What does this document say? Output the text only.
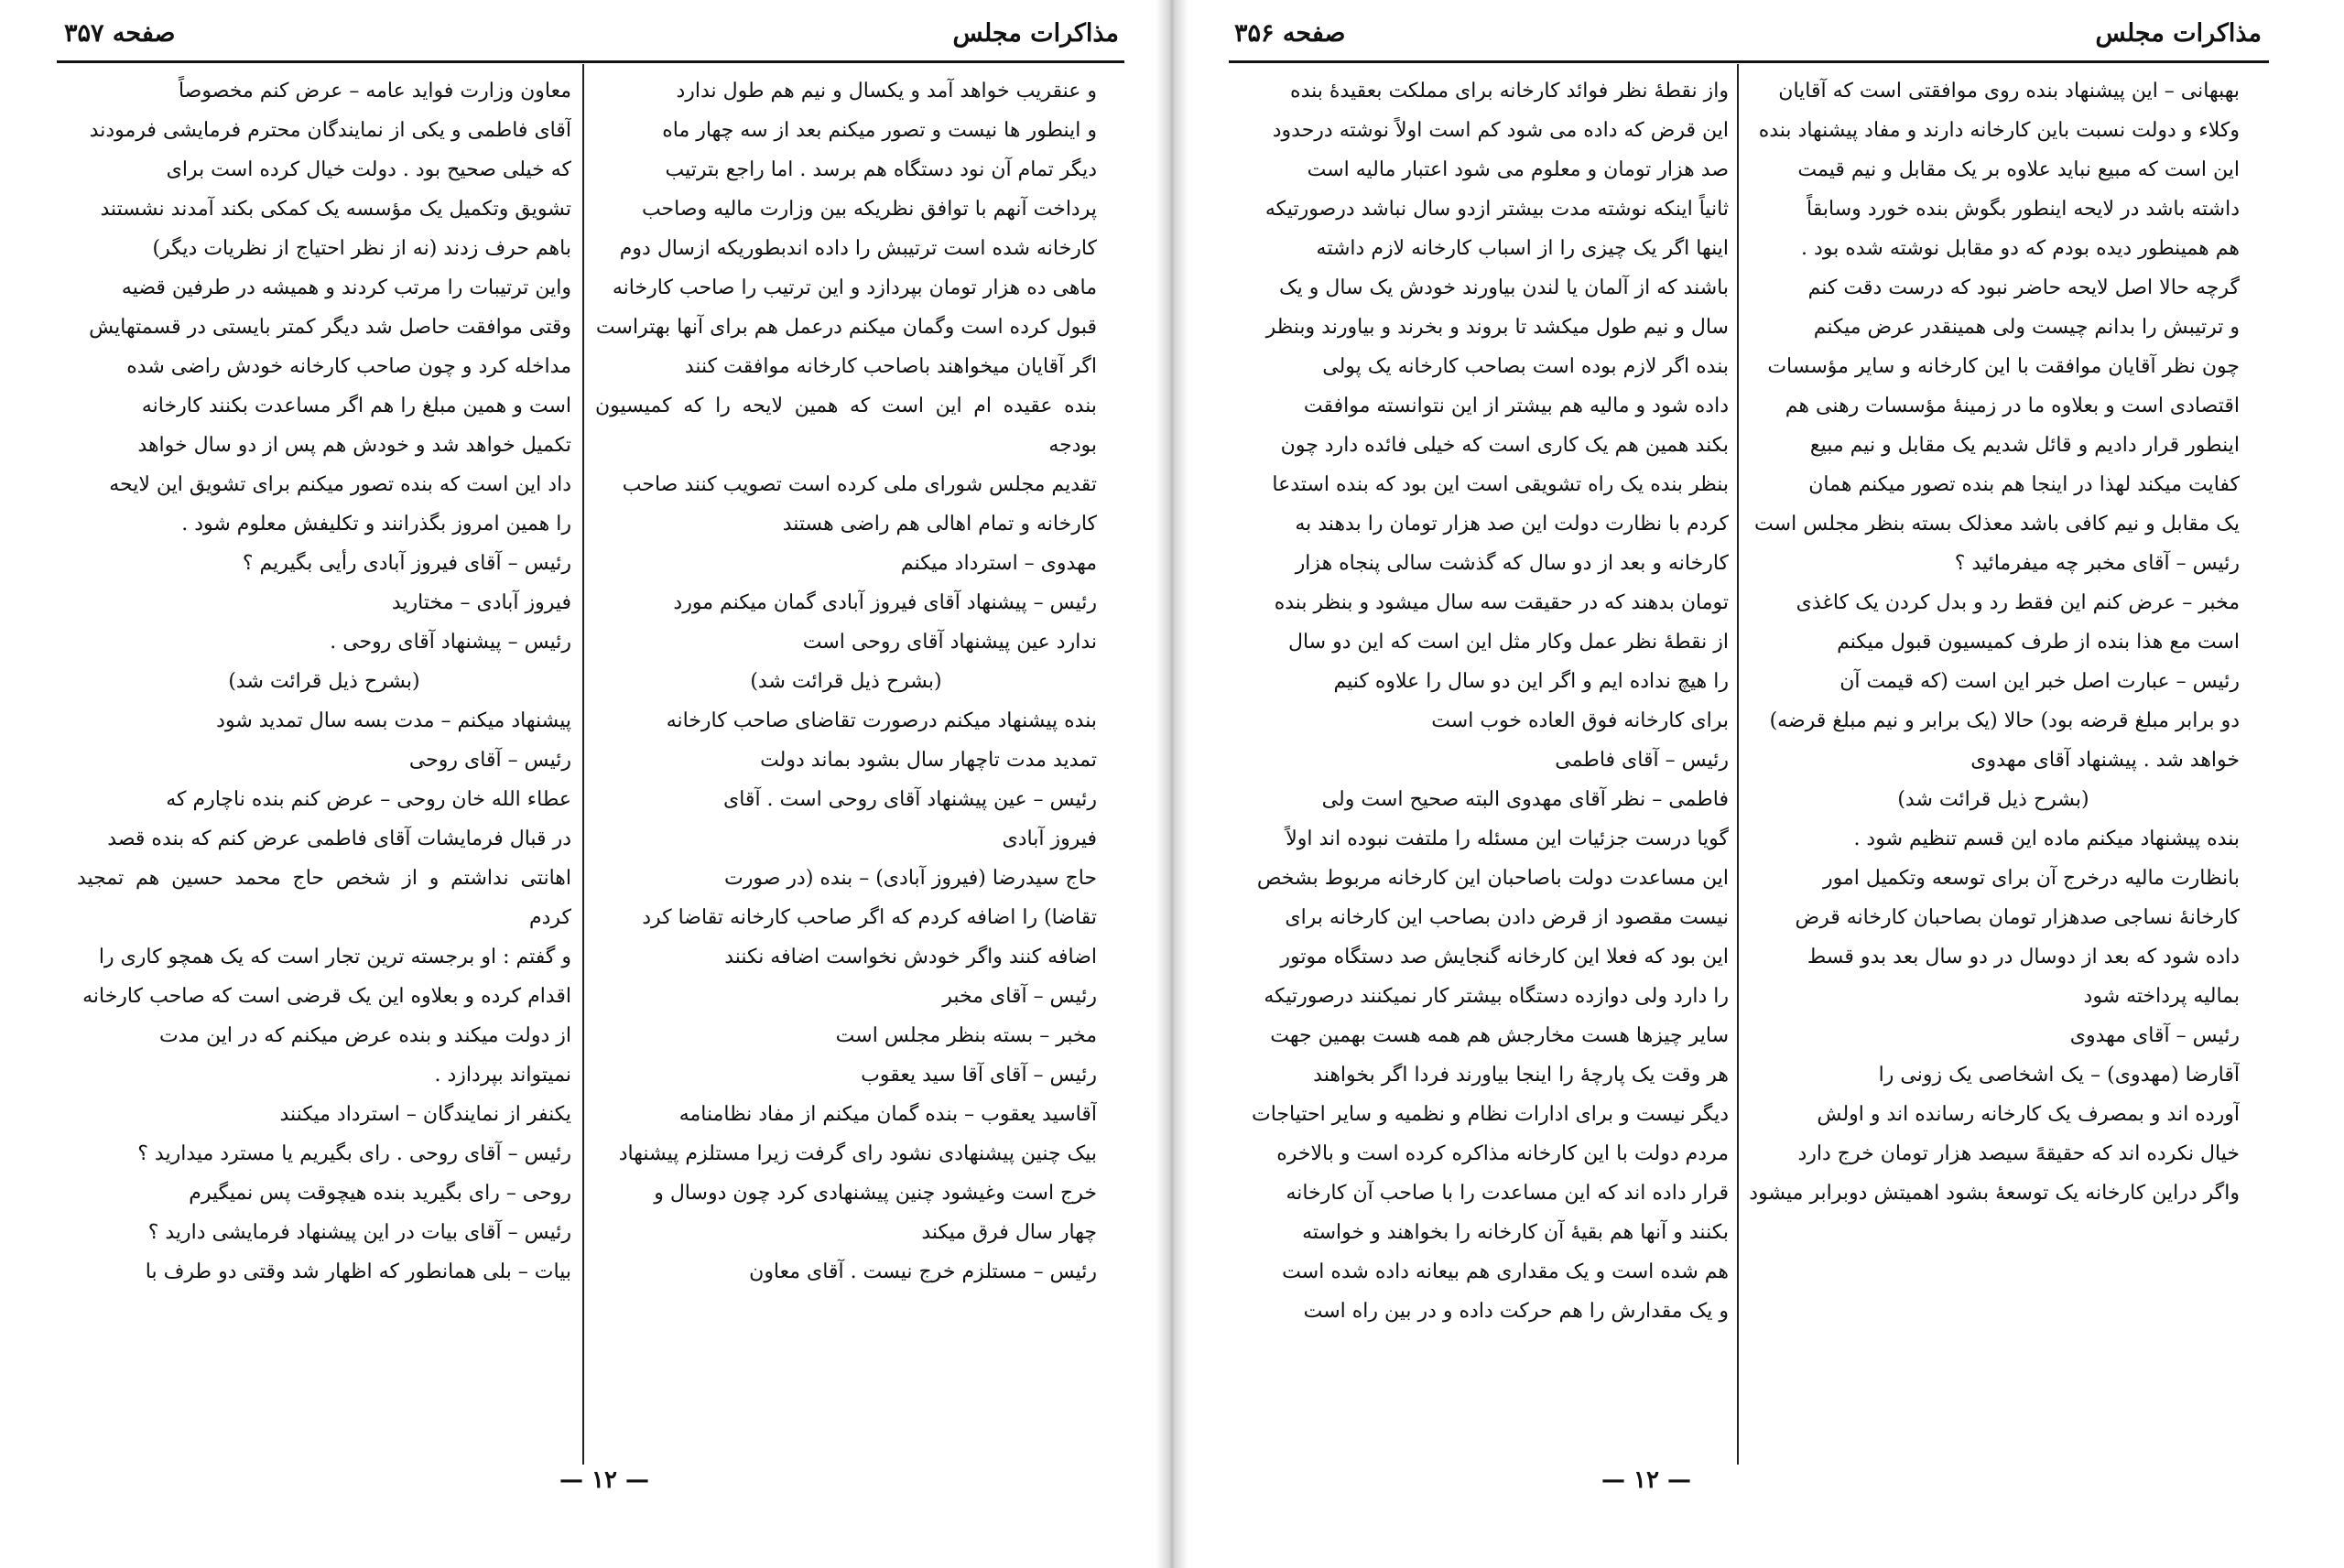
مذاکرات مجلس
صفحه ۳۵۷

و عنقریب خواهد آمد و یکسال و نیم هم طول ندارد

و اینطور ها نیست و تصور میکنم بعد از سه چهار ماه

دیگر تمام آن نود دستگاه هم برسد . اما راجع بترتیب

پرداخت آنهم با توافق نظریکه بین وزارت مالیه وصاحب

کارخانه شده است ترتیبش را داده اندبطوریکه ازسال دوم

ماهی ده هزار تومان بپردازد و این ترتیب را صاحب کارخانه

قبول کرده است وگمان میکنم درعمل هم برای آنها بهتراست

اگر آقایان میخواهند باصاحب کارخانه موافقت کنند

بنده عقیده ام این است که همین لایحه را که کمیسیون بودجه

تقدیم مجلس شورای ملی کرده است تصویب کنند صاحب

کارخانه و تمام اهالی هم راضی هستند

مهدوی – استرداد میکنم

رئیس – پیشنهاد آقای فیروز آبادی گمان میکنم مورد

ندارد عین پیشنهاد آقای روحی است

(بشرح ذیل قرائت شد)

بنده پیشنهاد میکنم درصورت تقاضای صاحب کارخانه

تمدید مدت تاچهار سال بشود بماند دولت

رئیس – عین پیشنهاد آقای روحی است . آقای

فیروز آبادی

حاج سیدرضا (فیروز آبادی) – بنده (در صورت

تقاضا) را اضافه کردم که اگر صاحب کارخانه تقاضا کرد

اضافه کنند واگر خودش نخواست اضافه نکنند

رئیس – آقای مخبر

مخبر – بسته بنظر مجلس است

رئیس – آقای آقا سید یعقوب

آقاسید یعقوب – بنده گمان میکنم از مفاد نظامنامه

بیک چنین پیشنهادی نشود رای گرفت زیرا مستلزم پیشنهاد

خرج است وغیشود چنین پیشنهادی کرد چون دوسال و

چهار سال فرق میکند

رئیس – مستلزم خرج نیست . آقای معاون

معاون وزارت فواید عامه – عرض کنم مخصوصاً

آقای فاطمی و یکی از نمایندگان محترم فرمایشی فرمودند

که خیلی صحیح بود . دولت خیال کرده است برای

تشویق وتکمیل یک مؤسسه یک کمکی بکند آمدند نشستند

باهم حرف زدند (نه از نظر احتیاج از نظریات دیگر)

واین ترتیبات را مرتب کردند و همیشه در طرفین قضیه

وقتی موافقت حاصل شد دیگر کمتر بایستی در قسمتهایش

مداخله کرد و چون صاحب کارخانه خودش راضی شده

است و همین مبلغ را هم اگر مساعدت بکنند کارخانه

تکمیل خواهد شد و خودش هم پس از دو سال خواهد

داد این است که بنده تصور میکنم برای تشویق این لایحه

را همین امروز بگذرانند و تکلیفش معلوم شود .

رئیس – آقای فیروز آبادی رأیی بگیریم ؟

فیروز آبادی – مختارید

رئیس – پیشنهاد آقای روحی .

(بشرح ذیل قرائت شد)

پیشنهاد میکنم – مدت بسه سال تمدید شود

رئیس – آقای روحی

عطاء الله خان روحی – عرض کنم بنده ناچارم که

در قبال فرمایشات آقای فاطمی عرض کنم که بنده قصد

اهانتی نداشتم و از شخص حاج محمد حسین هم تمجید کردم

و گفتم : او برجسته ترین تجار است که یک همچو کاری را

اقدام کرده و بعلاوه این یک قرضی است که صاحب کارخانه

از دولت میکند و بنده عرض میکنم که در این مدت

نمیتواند بپردازد .

یکنفر از نمایندگان – استرداد میکنند

رئیس – آقای روحی . رای بگیریم یا مسترد میدارید ؟

روحی – رای بگیرید بنده هیچوقت پس نمیگیرم

رئیس – آقای بیات در این پیشنهاد فرمایشی دارید ؟

بیات – بلی همانطور که اظهار شد وقتی دو طرف با

— ۱۲ —
مذاکرات مجلس
صفحه ۳۵۶

بهبهانی – این پیشنهاد بنده روی موافقتی است که آقایان

وکلاء و دولت نسبت باین کارخانه دارند و مفاد پیشنهاد بنده

این است که مبیع نباید علاوه بر یک مقابل و نیم قیمت

داشته باشد در لایحه اینطور بگوش بنده خورد وسابقاً

هم همینطور دیده بودم که دو مقابل نوشته شده بود .

گرچه حالا اصل لایحه حاضر نبود که درست دقت کنم

و ترتیبش را بدانم چیست ولی همینقدر عرض میکنم

چون نظر آقایان موافقت با این کارخانه و سایر مؤسسات

اقتصادی است و بعلاوه ما در زمینهٔ مؤسسات رهنی هم

اینطور قرار دادیم و قائل شدیم یک مقابل و نیم مبیع

کفایت میکند لهذا در اینجا هم بنده تصور میکنم همان

یک مقابل و نیم کافی باشد معذلک بسته بنظر مجلس است

رئیس – آقای مخبر چه میفرمائید ؟

مخبر – عرض کنم این فقط رد و بدل کردن یک کاغذی

است مع هذا بنده از طرف کمیسیون قبول میکنم

رئیس – عبارت اصل خبر این است (که قیمت آن

دو برابر مبلغ قرضه بود) حالا (یک برابر و نیم مبلغ قرضه)

خواهد شد . پیشنهاد آقای مهدوی

(بشرح ذیل قرائت شد)

بنده پیشنهاد میکنم ماده این قسم تنظیم شود .

بانظارت مالیه درخرج آن برای توسعه وتکمیل امور

کارخانهٔ نساجی صدهزار تومان بصاحبان کارخانه قرض

داده شود که بعد از دوسال در دو سال بعد بدو قسط

بمالیه پرداخته شود

رئیس – آقای مهدوی

آقارضا (مهدوی) – یک اشخاصی یک زونی را

آورده اند و بمصرف یک کارخانه رسانده اند و اولش

خیال نکرده اند که حقیقهً سیصد هزار تومان خرج دارد

واگر دراین کارخانه یک توسعهٔ بشود اهمیتش دوبرابر میشود

واز نقطهٔ نظر فوائد کارخانه برای مملکت بعقیدهٔ بنده

این قرض که داده می شود کم است اولاً نوشته درحدود

صد هزار تومان و معلوم می شود اعتبار مالیه است

ثانیاً اینکه نوشته مدت بیشتر ازدو سال نباشد درصورتیکه

اینها اگر یک چیزی را از اسباب کارخانه لازم داشته

باشند که از آلمان یا لندن بیاورند خودش یک سال و یک

سال و نیم طول میکشد تا بروند و بخرند و بیاورند وبنظر

بنده اگر لازم بوده است بصاحب کارخانه یک پولی

داده شود و مالیه هم بیشتر از این نتوانسته موافقت

بکند همین هم یک کاری است که خیلی فائده دارد چون

بنظر بنده یک راه تشویقی است این بود که بنده استدعا

کردم با نظارت دولت این صد هزار تومان را بدهند به

کارخانه و بعد از دو سال که گذشت سالی پنجاه هزار

تومان بدهند که در حقیقت سه سال میشود و بنظر بنده

از نقطهٔ نظر عمل وکار مثل این است که این دو سال

را هیچ نداده ایم و اگر این دو سال را علاوه کنیم

برای کارخانه فوق العاده خوب است

رئیس – آقای فاطمی

فاطمی – نظر آقای مهدوی البته صحیح است ولی

گویا درست جزئیات این مسئله را ملتفت نبوده اند اولاً

این مساعدت دولت باصاحبان این کارخانه مربوط بشخص

نیست مقصود از قرض دادن بصاحب این کارخانه برای

این بود که فعلا این کارخانه گنجایش صد دستگاه موتور

را دارد ولی دوازده دستگاه بیشتر کار نمیکنند درصورتیکه

سایر چیزها هست مخارجش هم همه هست بهمین جهت

هر وقت یک پارچهٔ را اینجا بیاورند فردا اگر بخواهند

دیگر نیست و برای ادارات نظام و نظمیه و سایر احتیاجات

مردم دولت با این کارخانه مذاکره کرده است و بالاخره

قرار داده اند که این مساعدت را با صاحب آن کارخانه

بکنند و آنها هم بقیهٔ آن کارخانه را بخواهند و خواسته

هم شده است و یک مقداری هم بیعانه داده شده است

و یک مقدارش را هم حرکت داده و در بین راه است

— ۱۲ —
